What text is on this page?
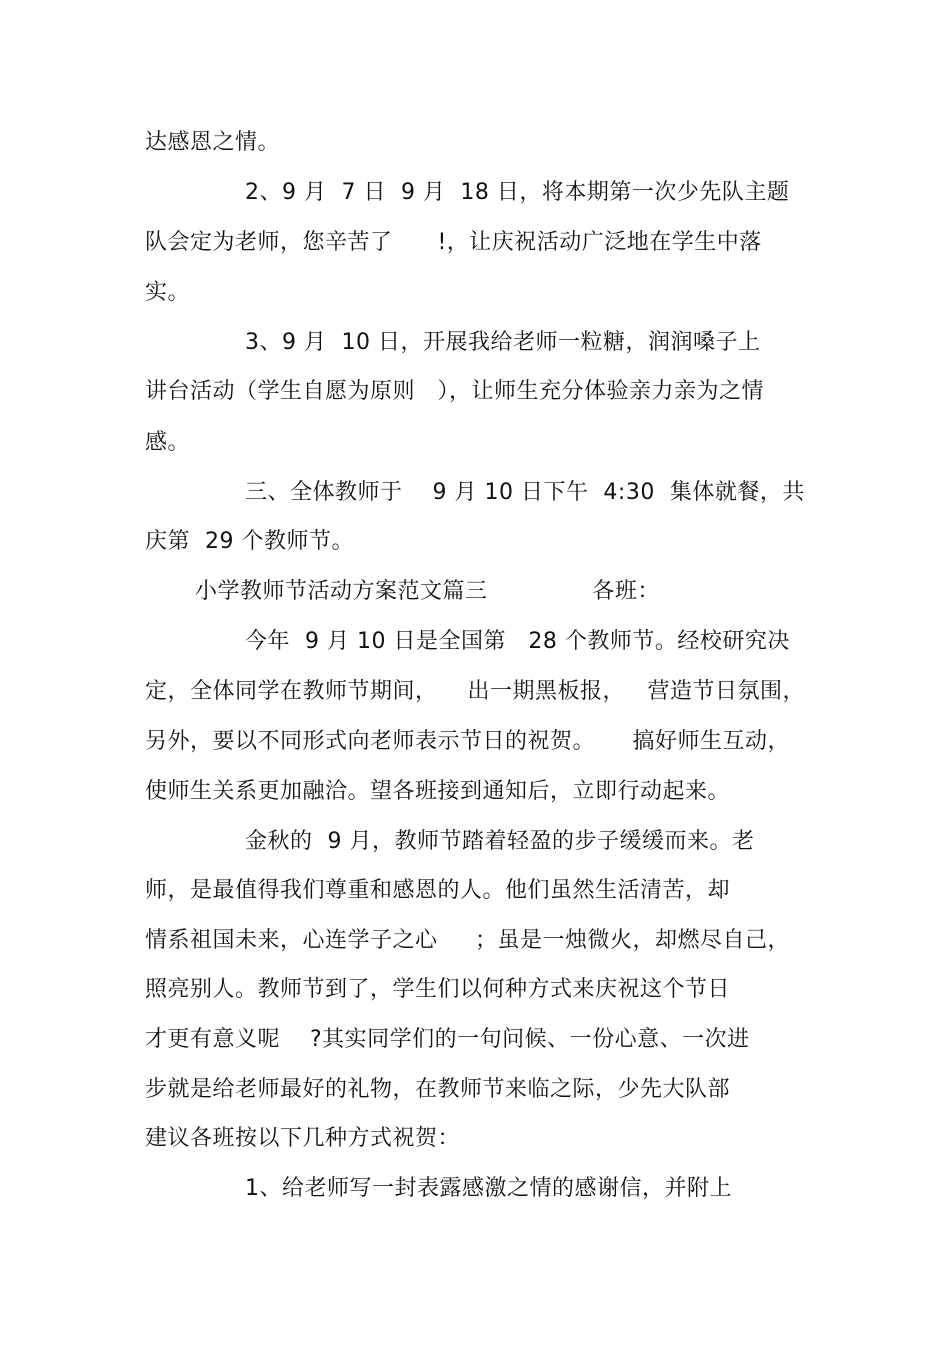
达感恩之情。
2、9 月  7 日  9 月  18 日，将本期第一次少先队主题
队会定为老师，您辛苦了      !，让庆祝活动广泛地在学生中落
实。
3、9 月  10 日，开展我给老师一粒糖，润润嗓子上
讲台活动（学生自愿为原则   ），让师生充分体验亲力亲为之情
感。
三、全体教师于    9 月 10 日下午  4:30  集体就餐，共
庆第  29 个教师节。
小学教师节活动方案范文篇三              各班：
今年  9 月 10 日是全国第   28 个教师节。经校研究决
定，全体同学在教师节期间，    出一期黑板报，   营造节日氛围，
另外，要以不同形式向老师表示节日的祝贺。     搞好师生互动，
使师生关系更加融洽。望各班接到通知后，立即行动起来。
金秋的  9 月，教师节踏着轻盈的步子缓缓而来。老
师，是最值得我们尊重和感恩的人。他们虽然生活清苦，却
情系祖国未来，心连学子之心     ；虽是一烛微火，却燃尽自己，
照亮别人。教师节到了，学生们以何种方式来庆祝这个节日
才更有意义呢    ?其实同学们的一句问候、一份心意、一次进
步就是给老师最好的礼物，在教师节来临之际，少先大队部
建议各班按以下几种方式祝贺：
1、给老师写一封表露感激之情的感谢信，并附上
